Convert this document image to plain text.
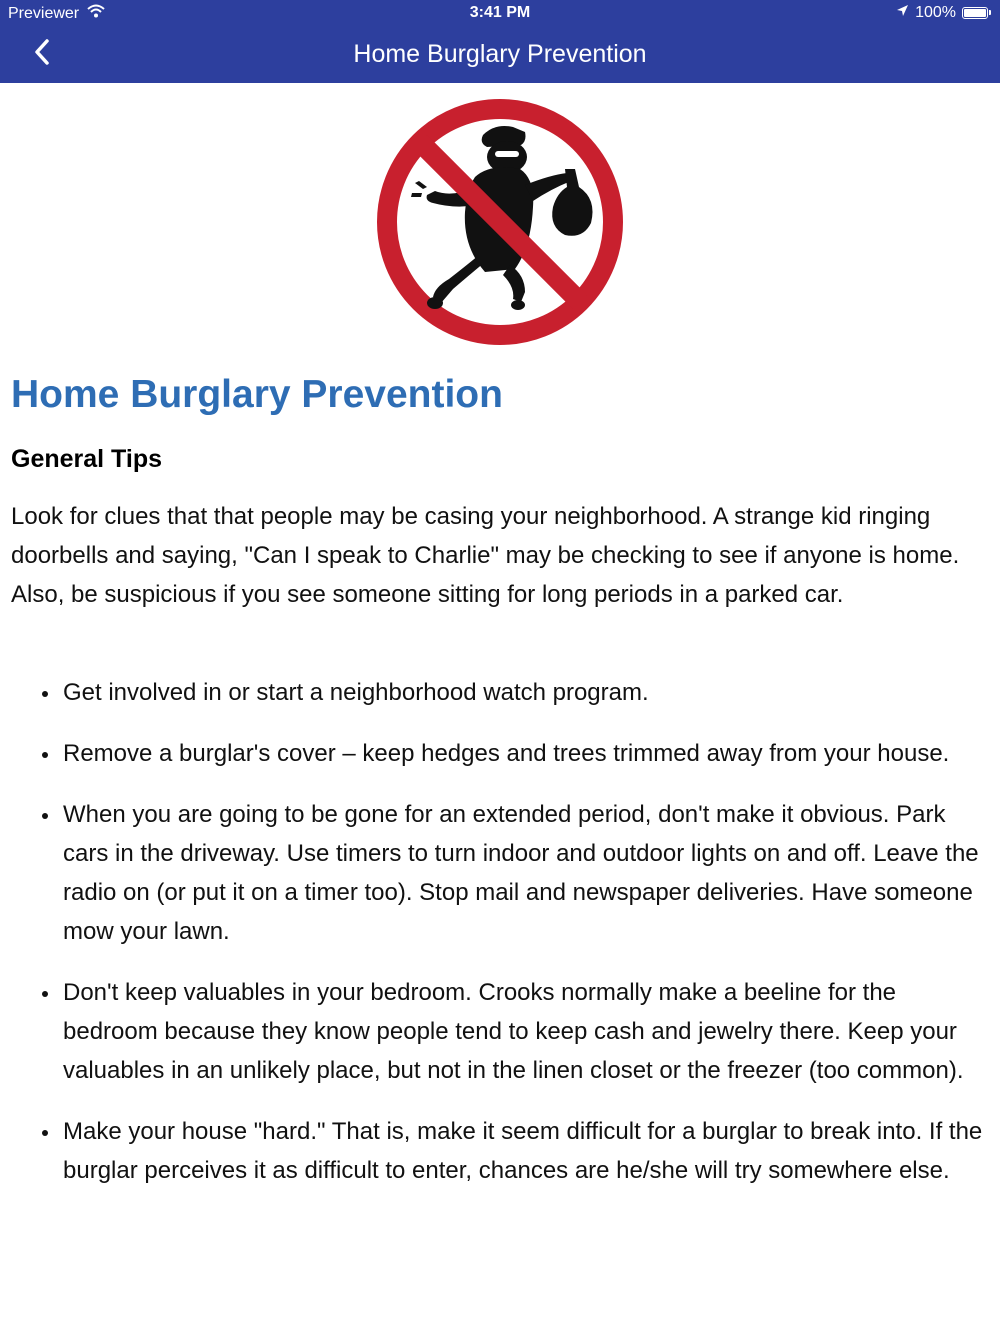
Previewer	3:41 PM	100%
Home Burglary Prevention
Home Burglary Prevention
General Tips

Look for clues that that people may be casing your neighborhood. A strange kid ringing doorbells and saying, "Can I speak to Charlie" may be checking to see if anyone is home. Also, be suspicious if you see someone sitting for long periods in a parked car.

Get involved in or start a neighborhood watch program.
Remove a burglar's cover – keep hedges and trees trimmed away from your house.
When you are going to be gone for an extended period, don't make it obvious. Park cars in the driveway. Use timers to turn indoor and outdoor lights on and off. Leave the radio on (or put it on a timer too). Stop mail and newspaper deliveries. Have someone mow your lawn.
Don't keep valuables in your bedroom. Crooks normally make a beeline for the bedroom because they know people tend to keep cash and jewelry there. Keep your valuables in an unlikely place, but not in the linen closet or the freezer (too common).
Make your house "hard." That is, make it seem difficult for a burglar to break into. If the burglar perceives it as difficult to enter, chances are he/she will try somewhere else.
